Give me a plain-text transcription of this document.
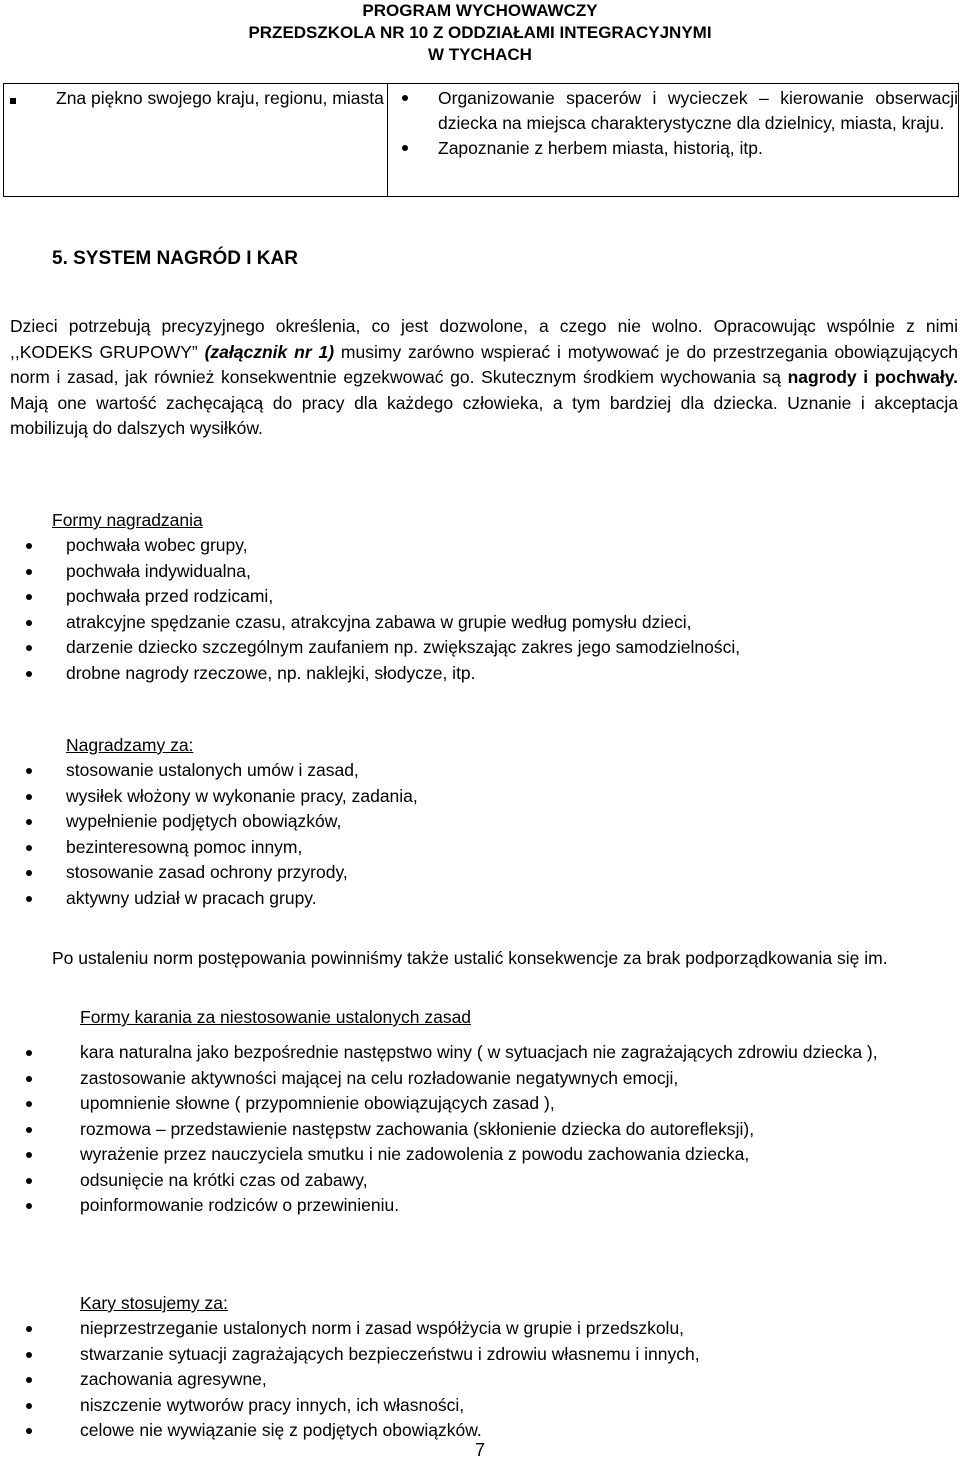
PROGRAM WYCHOWAWCZY
PRZEDSZKOLA NR 10 Z ODDZIAŁAMI INTEGRACYJNYMI
W TYCHACH
Zna piękno swojego kraju, regionu, miasta	Organizowanie spacerów i wycieczek – kierowanie obserwacji dziecka na miejsca charakterystyczne dla dzielnicy, miasta, kraju.
Zapoznanie z herbem miasta, historią, itp.
5. SYSTEM NAGRÓD I KAR
Dzieci potrzebują precyzyjnego określenia, co jest dozwolone, a czego nie wolno. Opracowując wspólnie z nimi ,,KODEKS GRUPOWY” (załącznik nr 1) musimy zarówno wspierać i motywować je do przestrzegania obowiązujących norm i zasad, jak również konsekwentnie egzekwować go. Skutecznym środkiem wychowania są nagrody i pochwały. Mają one wartość zachęcającą do pracy dla każdego człowieka, a tym bardziej dla dziecka. Uznanie i akceptacja mobilizują do dalszych wysiłków.
Formy nagradzania
pochwała wobec grupy,
pochwała indywidualna,
pochwała przed rodzicami,
atrakcyjne spędzanie czasu, atrakcyjna zabawa w grupie według pomysłu dzieci,
darzenie dziecko szczególnym zaufaniem np. zwiększając zakres jego samodzielności,
drobne nagrody rzeczowe, np. naklejki, słodycze, itp.
Nagradzamy za:
stosowanie ustalonych umów i zasad,
wysiłek włożony w wykonanie pracy, zadania,
wypełnienie podjętych obowiązków,
bezinteresowną pomoc innym,
stosowanie zasad ochrony przyrody,
aktywny udział w pracach grupy.
Po ustaleniu norm postępowania powinniśmy także ustalić konsekwencje za brak podporządkowania się im.
Formy karania za niestosowanie ustalonych zasad
kara naturalna jako bezpośrednie następstwo winy ( w sytuacjach nie zagrażających zdrowiu dziecka ),
zastosowanie aktywności mającej na celu rozładowanie negatywnych emocji,
upomnienie słowne ( przypomnienie obowiązujących zasad ),
rozmowa – przedstawienie następstw zachowania (skłonienie dziecka do autorefleksji),
wyrażenie przez nauczyciela smutku i nie zadowolenia z powodu zachowania dziecka,
odsunięcie na krótki czas od zabawy,
poinformowanie rodziców o przewinieniu.
Kary stosujemy za:
nieprzestrzeganie ustalonych norm i zasad współżycia w grupie i przedszkolu,
stwarzanie sytuacji zagrażających bezpieczeństwu i zdrowiu własnemu i innych,
zachowania agresywne,
niszczenie wytworów pracy innych, ich własności,
celowe nie wywiązanie się z podjętych obowiązków.
7
